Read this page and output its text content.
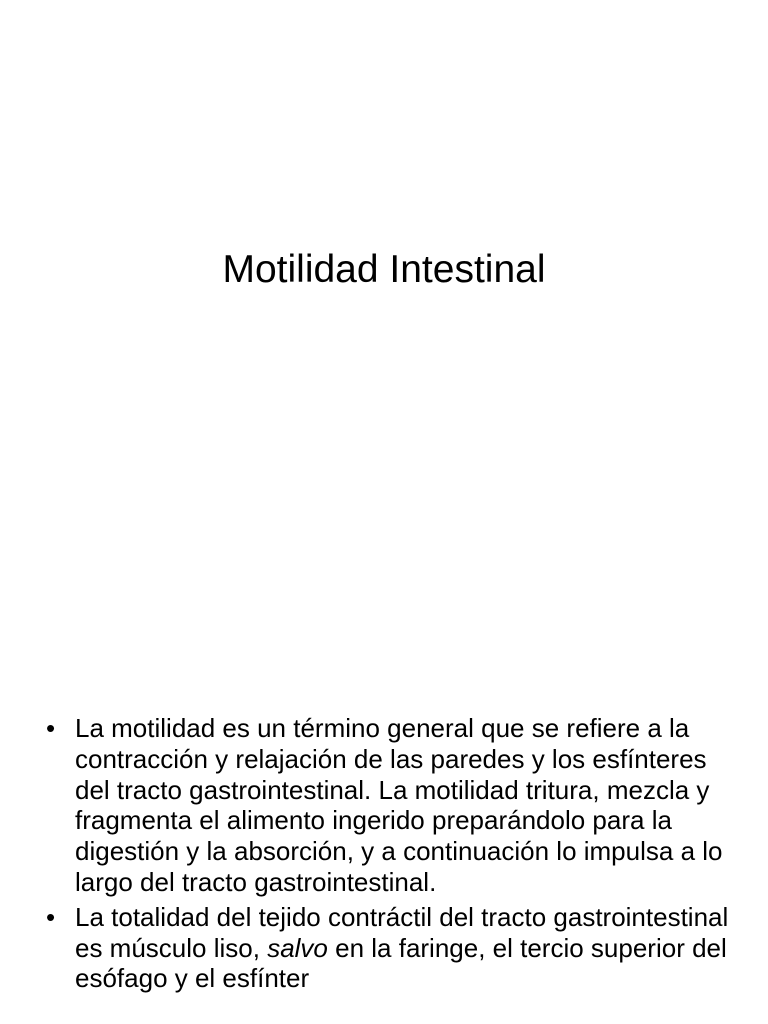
Motilidad Intestinal
• La motilidad es un término general que se refiere a la contracción y relajación de las paredes y los esfínteres del tracto gastrointestinal. La motilidad tritura, mezcla y fragmenta el alimento ingerido preparándolo para la digestión y la absorción, y a continuación lo impulsa a lo largo del tracto gastrointestinal.
• La totalidad del tejido contráctil del tracto gastrointestinal es músculo liso, salvo en la faringe, el tercio superior del esófago y el esfínter
